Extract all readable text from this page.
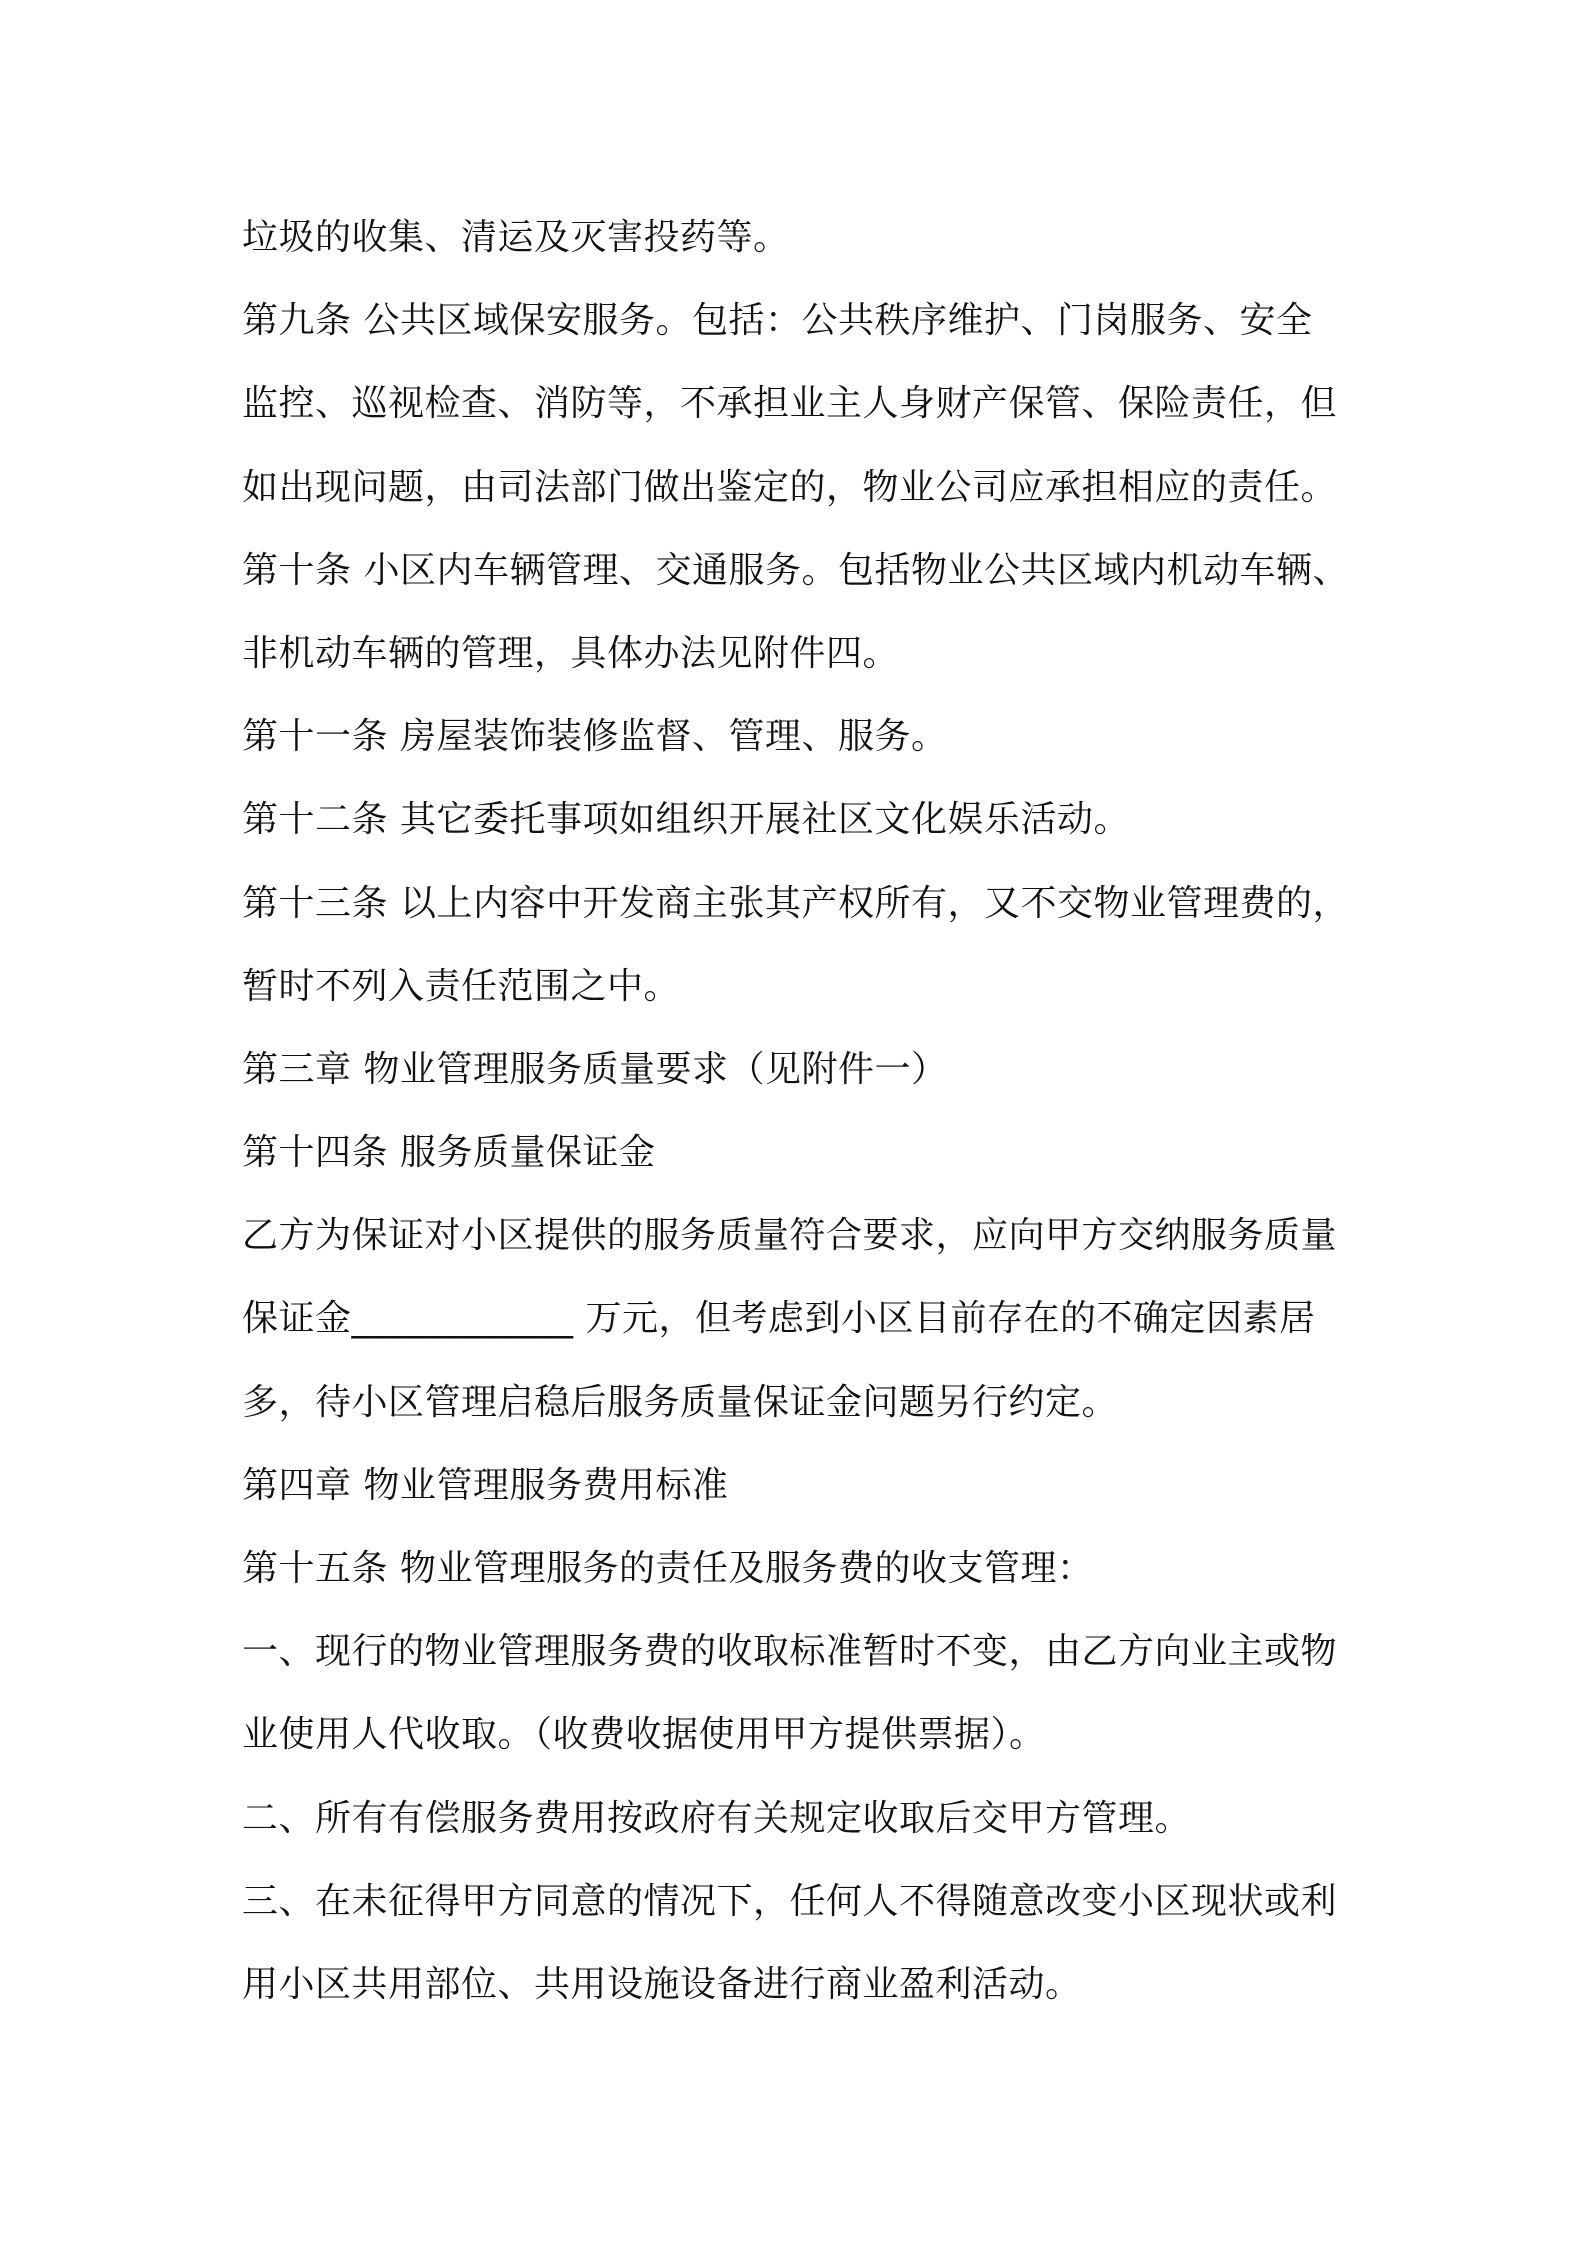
垃圾的收集、清运及灭害投药等。
第九条 公共区域保安服务。包括：公共秩序维护、门岗服务、安全
监控、巡视检查、消防等，不承担业主人身财产保管、保险责任，但
如出现问题，由司法部门做出鉴定的，物业公司应承担相应的责任。
第十条 小区内车辆管理、交通服务。包括物业公共区域内机动车辆、
非机动车辆的管理，具体办法见附件四。
第十一条 房屋装饰装修监督、管理、服务。
第十二条 其它委托事项如组织开展社区文化娱乐活动。
第十三条 以上内容中开发商主张其产权所有，又不交物业管理费的，
暂时不列入责任范围之中。
第三章 物业管理服务质量要求（见附件一）
第十四条 服务质量保证金
乙方为保证对小区提供的服务质量符合要求，应向甲方交纳服务质量
保证金____________ 万元，但考虑到小区目前存在的不确定因素居
多，待小区管理启稳后服务质量保证金问题另行约定。
第四章 物业管理服务费用标准
第十五条 物业管理服务的责任及服务费的收支管理：
一、现行的物业管理服务费的收取标准暂时不变，由乙方向业主或物
业使用人代收取。（收费收据使用甲方提供票据）。
二、所有有偿服务费用按政府有关规定收取后交甲方管理。
三、在未征得甲方同意的情况下，任何人不得随意改变小区现状或利
用小区共用部位、共用设施设备进行商业盈利活动。
